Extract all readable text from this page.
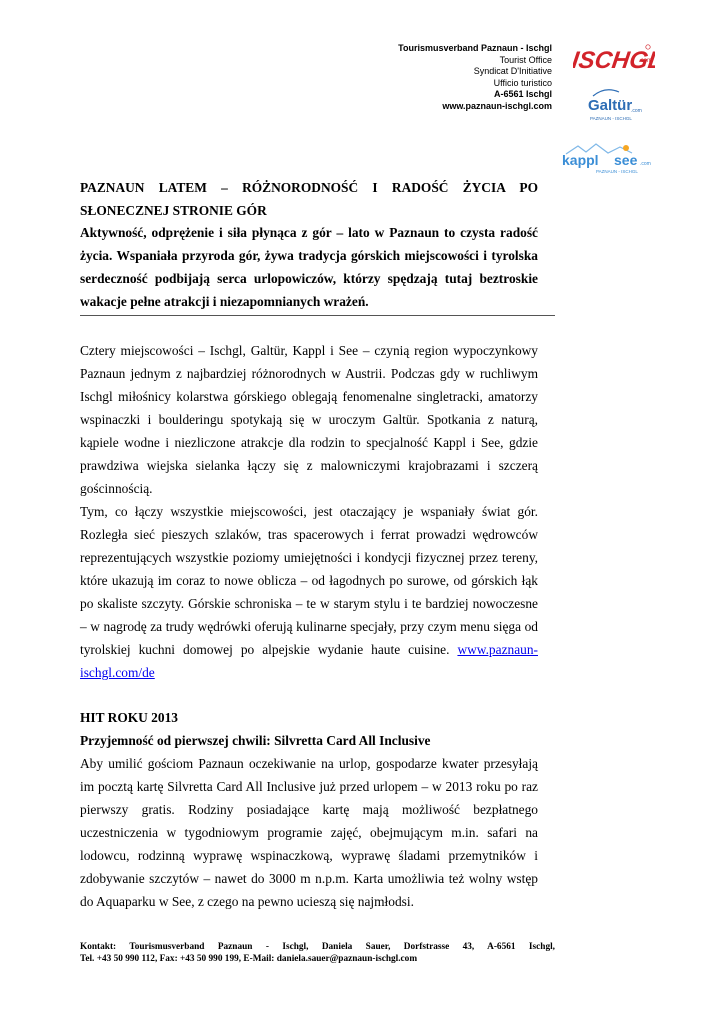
Tourismusverband Paznaun - Ischgl
Tourist Office
Syndicat D'Initiative
Ufficio turistico
A-6561 Ischgl
www.paznaun-ischgl.com
ISCHGL
.com
Galtür
.com
PAZNAUN - ISCHGL
kappl see .com
PAZNAUN - ISCHGL
PAZNAUN LATEM – RÓŻNORODNOŚĆ I RADOŚĆ ŻYCIA PO SŁONECZNEJ STRONIE GÓR
Aktywność, odprężenie i siła płynąca z gór – lato w Paznaun to czysta radość życia. Wspaniała przyroda gór, żywa tradycja górskich miejscowości i tyrolska serdeczność podbijają serca urlopowiczów, którzy spędzają tutaj beztroskie wakacje pełne atrakcji i niezapomnianych wrażeń.

Cztery miejscowości – Ischgl, Galtür, Kappl i See – czynią region wypoczynkowy Paznaun jednym z najbardziej różnorodnych w Austrii. Podczas gdy w ruchliwym Ischgl miłośnicy kolarstwa górskiego oblegają fenomenalne singletracki, amatorzy wspinaczki i boulderingu spotykają się w uroczym Galtür. Spotkania z naturą, kąpiele wodne i niezliczone atrakcje dla rodzin to specjalność Kappl i See, gdzie prawdziwa wiejska sielanka łączy się z malowniczymi krajobrazami i szczerą gościnnością.

Tym, co łączy wszystkie miejscowości, jest otaczający je wspaniały świat gór. Rozległa sieć pieszych szlaków, tras spacerowych i ferrat prowadzi wędrowców reprezentujących wszystkie poziomy umiejętności i kondycji fizycznej przez tereny, które ukazują im coraz to nowe oblicza – od łagodnych po surowe, od górskich łąk po skaliste szczyty. Górskie schroniska – te w starym stylu i te bardziej nowoczesne – w nagrodę za trudy wędrówki oferują kulinarne specjały, przy czym menu sięga od tyrolskiej kuchni domowej po alpejskie wydanie haute cuisine. www.paznaun-ischgl.com/de

HIT ROKU 2013

Przyjemność od pierwszej chwili: Silvretta Card All Inclusive

Aby umilić gościom Paznaun oczekiwanie na urlop, gospodarze kwater przesyłają im pocztą kartę Silvretta Card All Inclusive już przed urlopem – w 2013 roku po raz pierwszy gratis. Rodziny posiadające kartę mają możliwość bezpłatnego uczestniczenia w tygodniowym programie zajęć, obejmującym m.in. safari na lodowcu, rodzinną wyprawę wspinaczkową, wyprawę śladami przemytników i zdobywanie szczytów – nawet do 3000 m n.p.m. Karta umożliwia też wolny wstęp do Aquaparku w See, z czego na pewno ucieszą się najmłodsi.

Kontakt: Tourismusverband Paznaun - Ischgl, Daniela Sauer, Dorfstrasse 43, A-6561 Ischgl,
Tel. +43 50 990 112, Fax: +43 50 990 199, E-Mail: daniela.sauer@paznaun-ischgl.com
